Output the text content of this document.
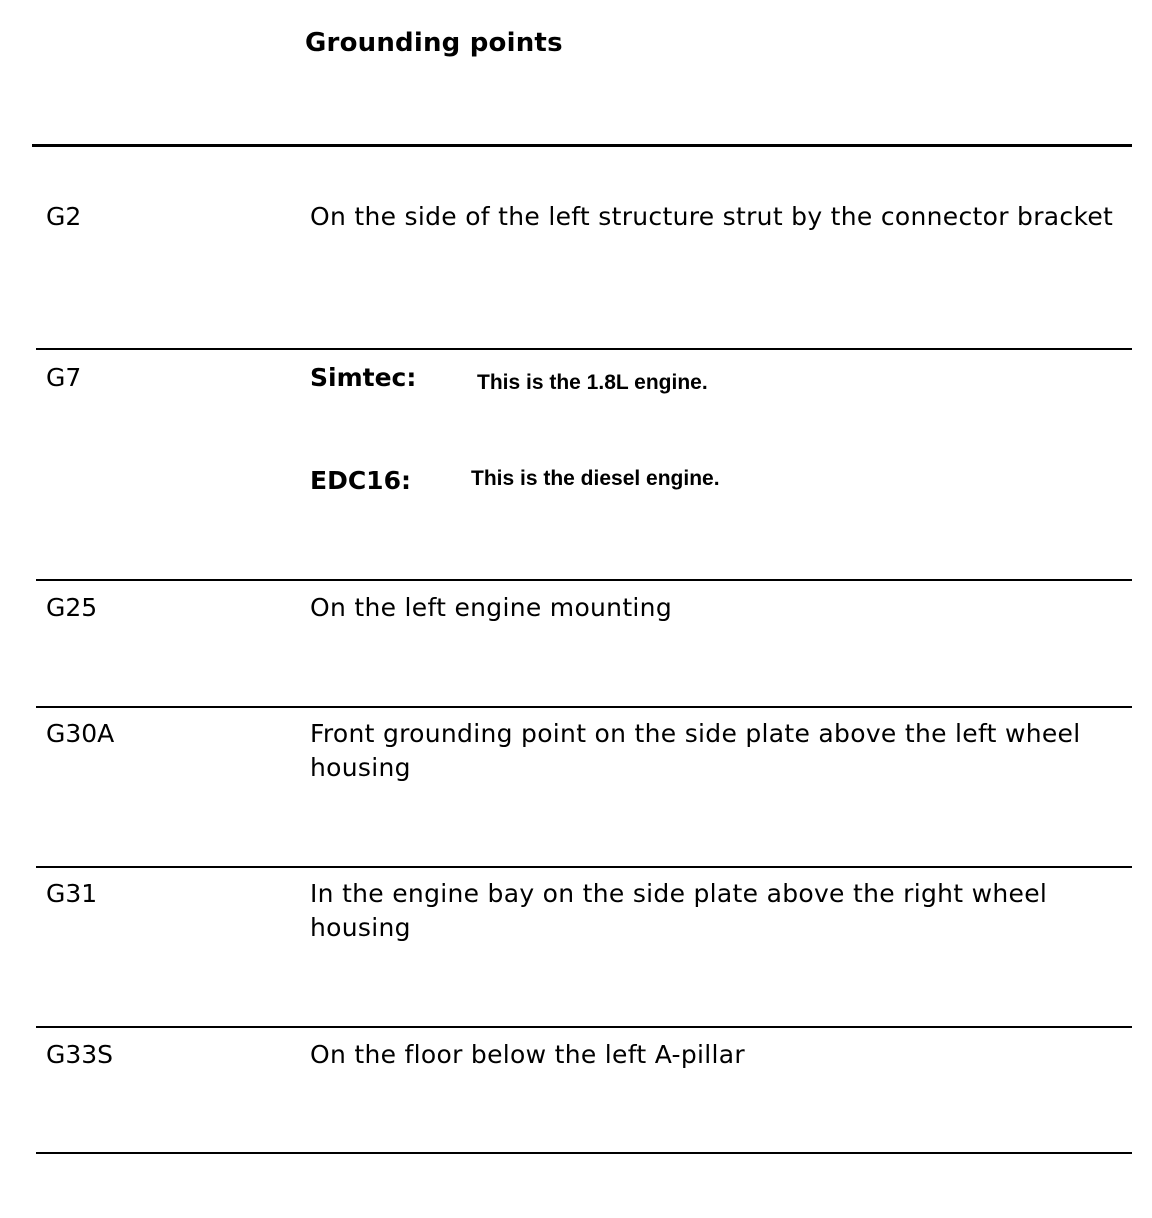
Grounding points
G2	On the side of the left structure strut by the connector bracket
G7	Simtec:	This is the 1.8L engine.
EDC16:	This is the diesel engine.
G25	On the left engine mounting
G30A	Front grounding point on the side plate above the left wheel housing
G31	In the engine bay on the side plate above the right wheel housing
G33S	On the floor below the left A-pillar
